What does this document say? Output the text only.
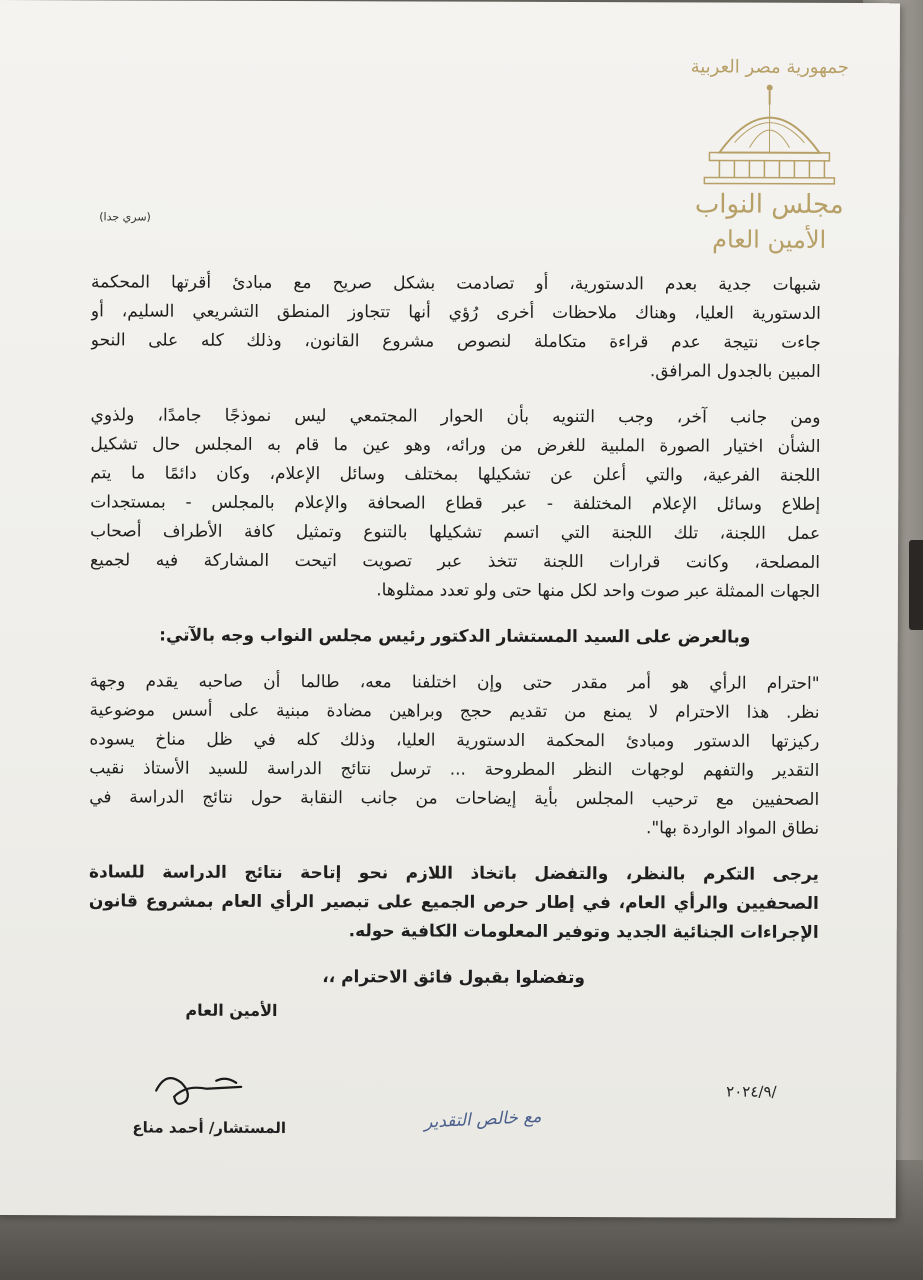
جمهورية مصر العربية
مجلس النواب
الأمين العام
(سري جدا)
شبهات جدية بعدم الدستورية، أو تصادمت بشكل صريح مع مبادئ أقرتها المحكمة
الدستورية العليا، وهناك ملاحظات أخرى رُؤي أنها تتجاوز المنطق التشريعي السليم، أو
جاءت نتيجة عدم قراءة متكاملة لنصوص مشروع القانون، وذلك كله على النحو
المبين بالجدول المرافق.
ومن جانب آخر، وجب التنويه بأن الحوار المجتمعي ليس نموذجًا جامدًا، ولذوي
الشأن اختيار الصورة الملبية للغرض من ورائه، وهو عين ما قام به المجلس حال تشكيل
اللجنة الفرعية، والتي أعلن عن تشكيلها بمختلف وسائل الإعلام، وكان دائمًا ما يتم
إطلاع وسائل الإعلام المختلفة - عبر قطاع الصحافة والإعلام بالمجلس - بمستجدات
عمل اللجنة، تلك اللجنة التي اتسم تشكيلها بالتنوع وتمثيل كافة الأطراف أصحاب
المصلحة، وكانت قرارات اللجنة تتخذ عبر تصويت اتيحت المشاركة فيه لجميع
الجهات الممثلة عبر صوت واحد لكل منها حتى ولو تعدد ممثلوها.
وبالعرض على السيد المستشار الدكتور رئيس مجلس النواب وجه بالآتي:
"احترام الرأي هو أمر مقدر حتى وإن اختلفنا معه، طالما أن صاحبه يقدم وجهة
نظر. هذا الاحترام لا يمنع من تقديم حجج وبراهين مضادة مبنية على أسس موضوعية
ركيزتها الدستور ومبادئ المحكمة الدستورية العليا، وذلك كله في ظل مناخ يسوده
التقدير والتفهم لوجهات النظر المطروحة ... ترسل نتائج الدراسة للسيد الأستاذ نقيب
الصحفيين مع ترحيب المجلس بأية إيضاحات من جانب النقابة حول نتائج الدراسة في
نطاق المواد الواردة بها".
يرجى التكرم بالنظر، والتفضل باتخاذ اللازم نحو إتاحة نتائج الدراسة للسادة
الصحفيين والرأي العام، في إطار حرص الجميع على تبصير الرأي العام بمشروع قانون
الإجراءات الجنائية الجديد وتوفير المعلومات الكافية حوله.
وتفضلوا بقبول فائق الاحترام ،،
الأمين العام
المستشار/ أحمد مناع
/٢٠٢٤/٩
مع خالص التقدير
